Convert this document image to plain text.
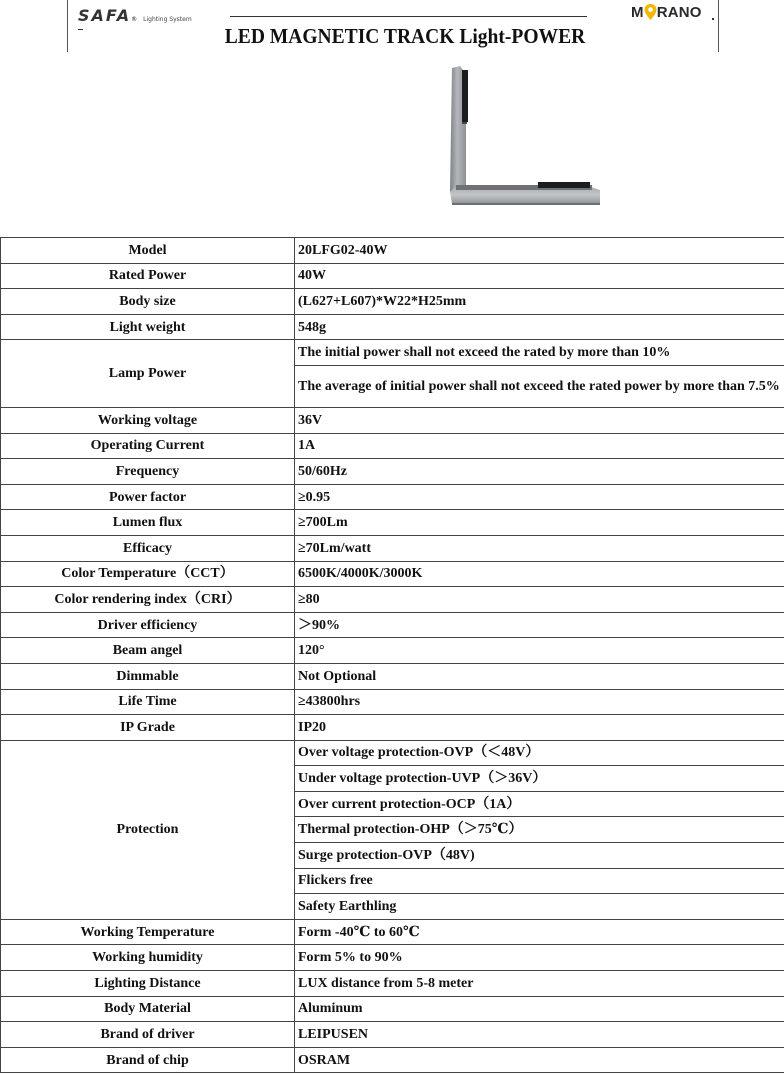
SAFA ® Lighting System
LED MAGNETIC TRACK Light-POWER
M RANO
Model	20LFG02-40W
Rated Power	40W
Body size	(L627+L607)*W22*H25mm
Light weight	548g
Lamp Power	The initial power shall not exceed the rated by more than 10%
	The average of initial power shall not exceed the rated power by more than 7.5%
Working voltage	36V
Operating Current	1A
Frequency	50/60Hz
Power factor	≥0.95
Lumen flux	≥700Lm
Efficacy	≥70Lm/watt
Color Temperature（CCT）	6500K/4000K/3000K
Color rendering index（CRI）	≥80
Driver efficiency	＞90%
Beam angel	120°
Dimmable	Not Optional
Life Time	≥43800hrs
IP Grade	IP20
Protection	Over voltage protection-OVP（＜48V）
	Under voltage protection-UVP（＞36V）
	Over current protection-OCP（1A）
	Thermal protection-OHP（＞75℃）
	Surge protection-OVP（48V)
	Flickers free
	Safety Earthling
Working Temperature	Form -40℃ to 60℃
Working humidity	Form 5% to 90%
Lighting Distance	LUX distance from 5-8 meter
Body Material	Aluminum
Brand of driver	LEIPUSEN
Brand of chip	OSRAM
